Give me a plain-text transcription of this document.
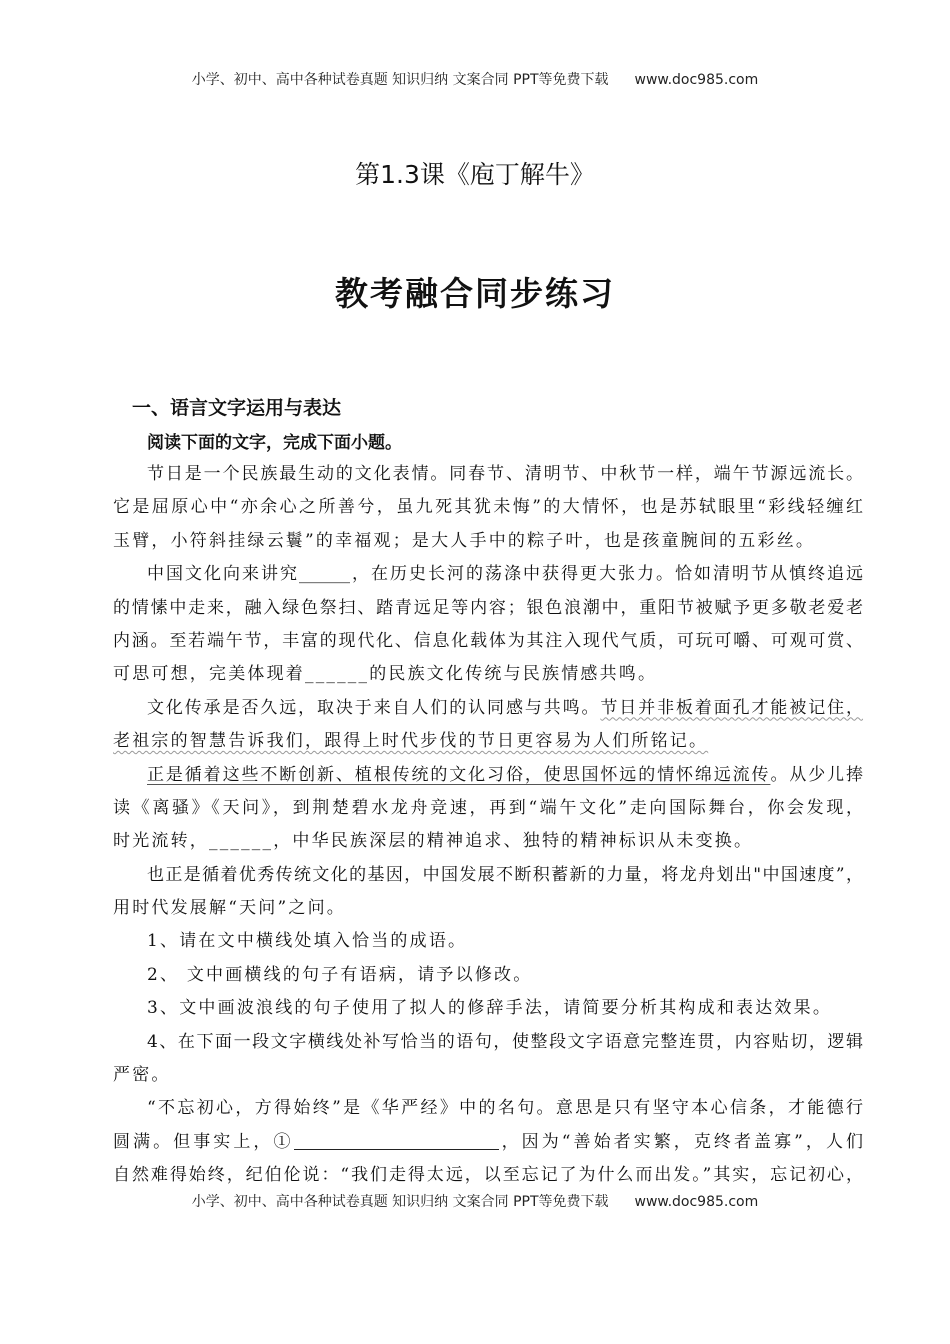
小学、初中、高中各种试卷真题 知识归纳 文案合同 PPT等免费下载 www.doc985.com
第1.3课《庖丁解牛》
教考融合同步练习
一、语言文字运用与表达
阅读下面的文字，完成下面小题。
节日是一个民族最生动的文化表情。同春节、清明节、中秋节一样，端午节源远流长。
它是屈原心中“亦余心之所善兮，虽九死其犹未悔”的大情怀，也是苏轼眼里“彩线轻缠红
玉臂，小符斜挂绿云鬟”的幸福观；是大人手中的粽子叶，也是孩童腕间的五彩丝。
中国文化向来讲究______，在历史长河的荡涤中获得更大张力。恰如清明节从慎终追远
的情愫中走来，融入绿色祭扫、踏青远足等内容；银色浪潮中，重阳节被赋予更多敬老爱老
内涵。至若端午节，丰富的现代化、信息化载体为其注入现代气质，可玩可嚼、可观可赏、
可思可想，完美体现着______的民族文化传统与民族情感共鸣。
文化传承是否久远，取决于来自人们的认同感与共鸣。节日并非板着面孔才能被记住，
老祖宗的智慧告诉我们，跟得上时代步伐的节日更容易为人们所铭记。
正是循着这些不断创新、植根传统的文化习俗，使思国怀远的情怀绵远流传。从少儿捧
读《离骚》《天问》，到荆楚碧水龙舟竞速，再到“端午文化”走向国际舞台，你会发现，
时光流转，______，中华民族深层的精神追求、独特的精神标识从未变换。
也正是循着优秀传统文化的基因，中国发展不断积蓄新的力量，将龙舟划出"中国速度”，
用时代发展解“天问”之问。
1、请在文中横线处填入恰当的成语。
2、 文中画横线的句子有语病，请予以修改。
3、文中画波浪线的句子使用了拟人的修辞手法，请简要分析其构成和表达效果。
4、在下面一段文字横线处补写恰当的语句，使整段文字语意完整连贯，内容贴切，逻辑
严密。
“不忘初心，方得始终”是《华严经》中的名句。意思是只有坚守本心信条，才能德行
圆满。但事实上，①	，因为“善始者实繁，克终者盖寡”，人们
自然难得始终，纪伯伦说：“我们走得太远，以至忘记了为什么而出发。”其实，忘记初心，
小学、初中、高中各种试卷真题 知识归纳 文案合同 PPT等免费下载 www.doc985.com
